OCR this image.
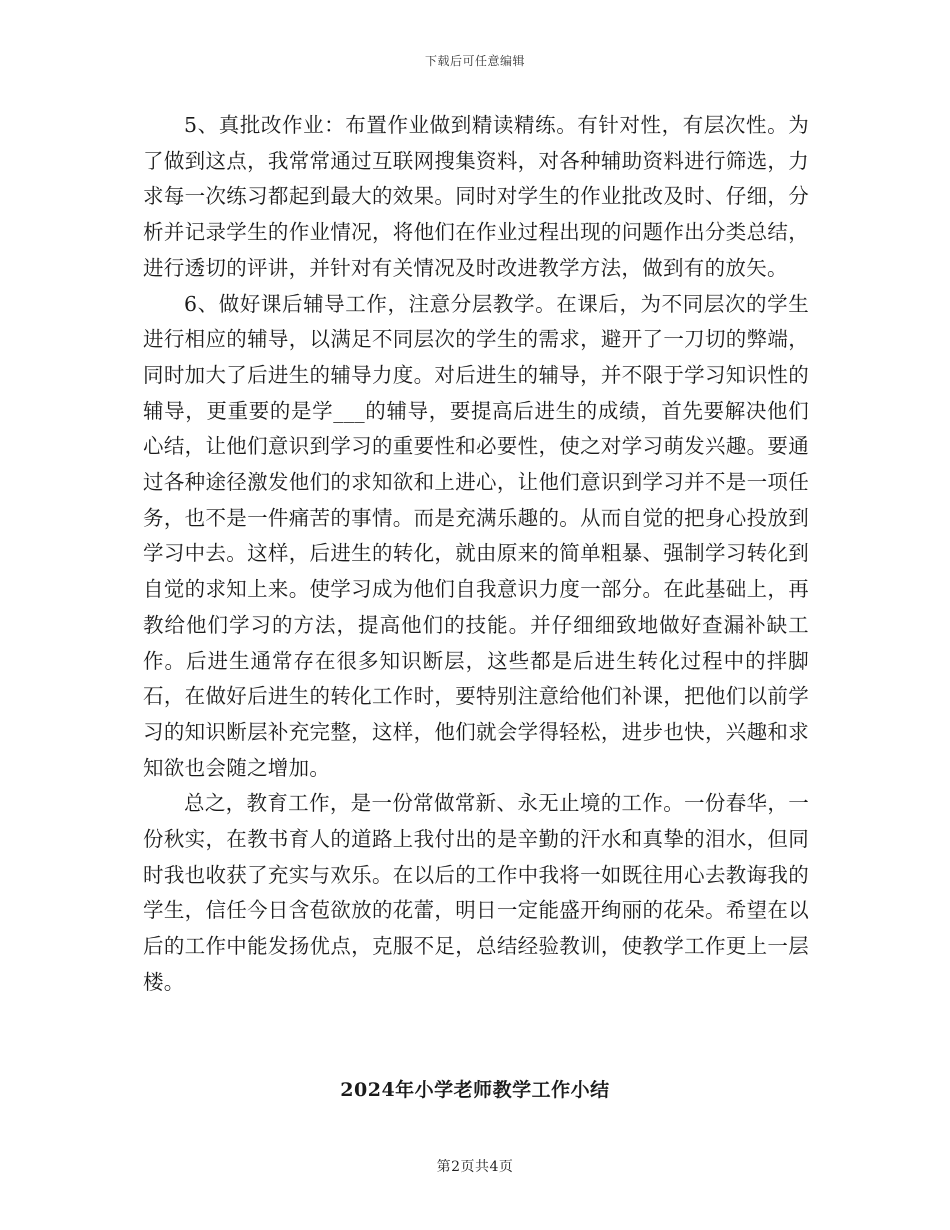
下载后可任意编辑

5、真批改作业：布置作业做到精读精练。有针对性，有层次性。为了做到这点，我常常通过互联网搜集资料，对各种辅助资料进行筛选，力求每一次练习都起到最大的效果。同时对学生的作业批改及时、仔细，分析并记录学生的作业情况，将他们在作业过程出现的问题作出分类总结，进行透切的评讲，并针对有关情况及时改进教学方法，做到有的放矢。

6、做好课后辅导工作，注意分层教学。在课后，为不同层次的学生进行相应的辅导，以满足不同层次的学生的需求，避开了一刀切的弊端，同时加大了后进生的辅导力度。对后进生的辅导，并不限于学习知识性的辅导，更重要的是学___的辅导，要提高后进生的成绩，首先要解决他们心结，让他们意识到学习的重要性和必要性，使之对学习萌发兴趣。要通过各种途径激发他们的求知欲和上进心，让他们意识到学习并不是一项任务，也不是一件痛苦的事情。而是充满乐趣的。从而自觉的把身心投放到学习中去。这样，后进生的转化，就由原来的简单粗暴、强制学习转化到自觉的求知上来。使学习成为他们自我意识力度一部分。在此基础上，再教给他们学习的方法，提高他们的技能。并仔细细致地做好查漏补缺工作。后进生通常存在很多知识断层，这些都是后进生转化过程中的拌脚石，在做好后进生的转化工作时，要特别注意给他们补课，把他们以前学习的知识断层补充完整，这样，他们就会学得轻松，进步也快，兴趣和求知欲也会随之增加。

总之，教育工作，是一份常做常新、永无止境的工作。一份春华，一份秋实，在教书育人的道路上我付出的是辛勤的汗水和真挚的泪水，但同时我也收获了充实与欢乐。在以后的工作中我将一如既往用心去教诲我的学生，信任今日含苞欲放的花蕾，明日一定能盛开绚丽的花朵。希望在以后的工作中能发扬优点，克服不足，总结经验教训，使教学工作更上一层楼。

2024年小学老师教学工作小结
第2页共4页
